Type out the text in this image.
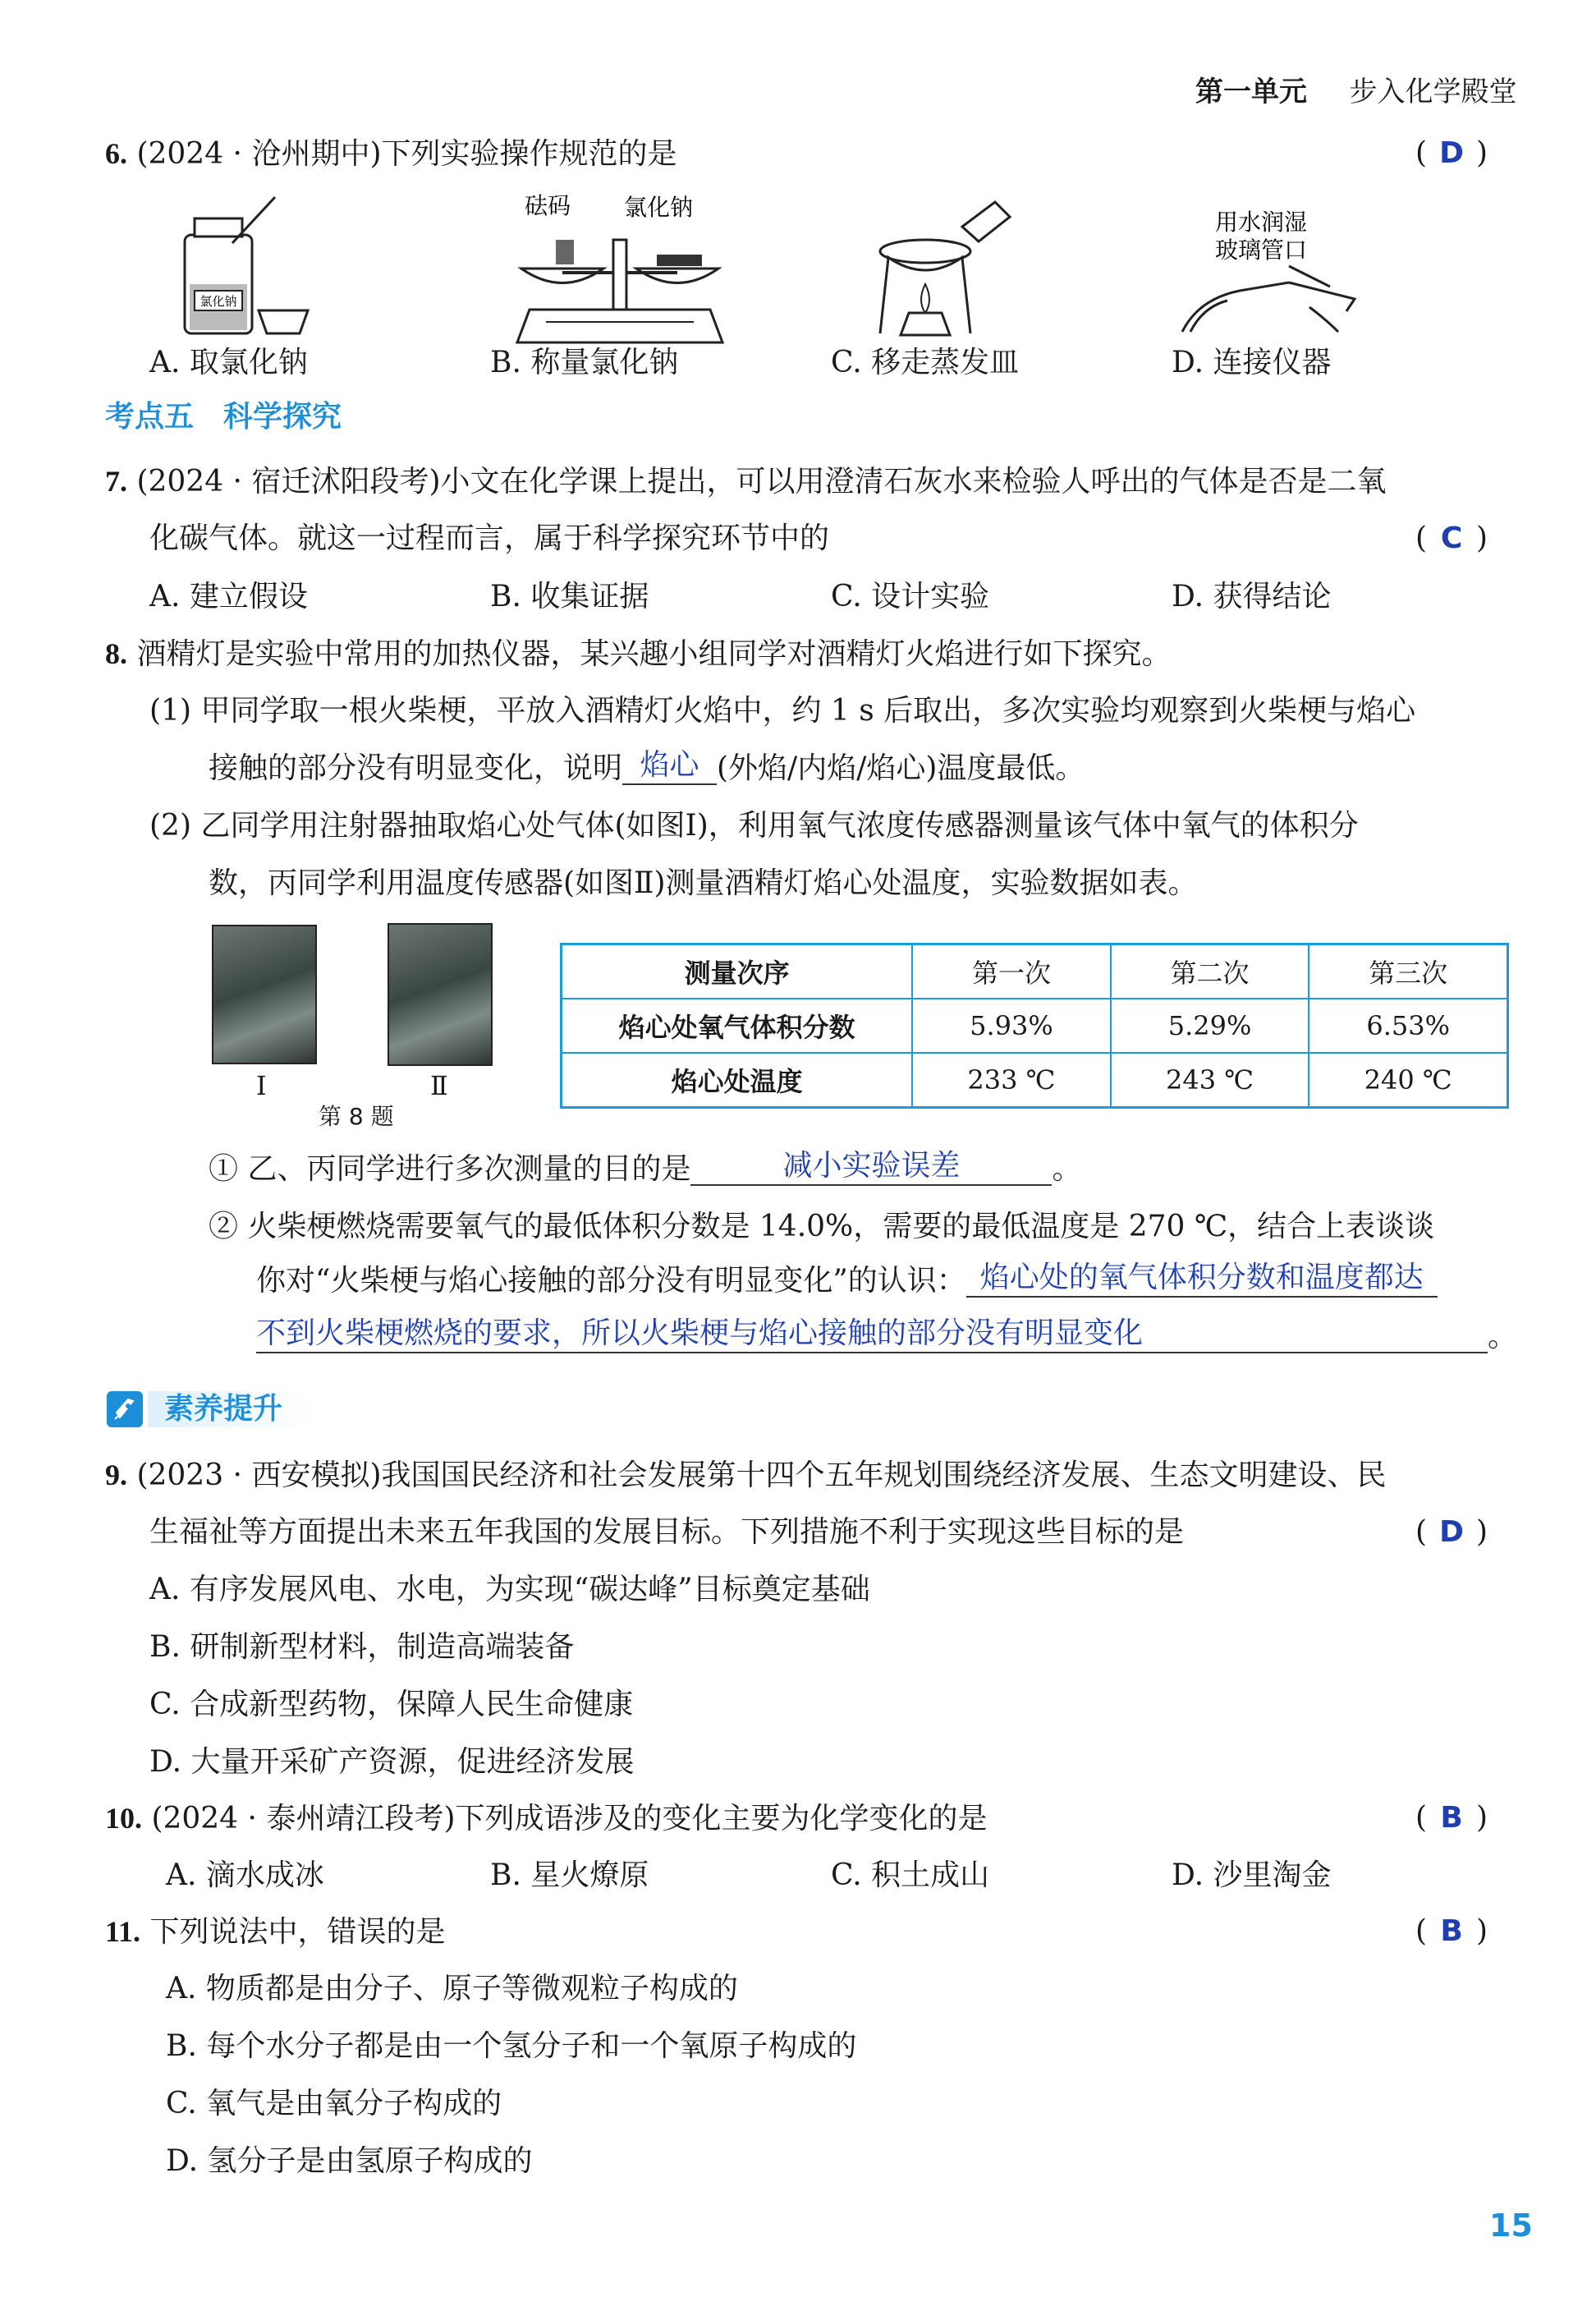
第一单元 步入化学殿堂
6. (2024 · 沧州期中)下列实验操作规范的是	( D )
氯化钠
砝码 氯化钠
用水润湿
玻璃管口
A. 取氯化钠	B. 称量氯化钠	C. 移走蒸发皿	D. 连接仪器
考点五　科学探究
7. (2024 · 宿迁沭阳段考)小文在化学课上提出，可以用澄清石灰水来检验人呼出的气体是否是二氧
化碳气体。就这一过程而言，属于科学探究环节中的	( C )
A. 建立假设	B. 收集证据	C. 设计实验	D. 获得结论
8. 酒精灯是实验中常用的加热仪器，某兴趣小组同学对酒精灯火焰进行如下探究。
(1) 甲同学取一根火柴梗，平放入酒精灯火焰中，约 1 s 后取出，多次实验均观察到火柴梗与焰心
接触的部分没有明显变化，说明 焰心 (外焰/内焰/焰心)温度最低。
(2) 乙同学用注射器抽取焰心处气体(如图Ⅰ)，利用氧气浓度传感器测量该气体中氧气的体积分
数，丙同学利用温度传感器(如图Ⅱ)测量酒精灯焰心处温度，实验数据如表。
Ⅰ	Ⅱ
第 8 题
测量次序	第一次	第二次	第三次
焰心处氧气体积分数	5.93%	5.29%	6.53%
焰心处温度	233 ℃	243 ℃	240 ℃
① 乙、丙同学进行多次测量的目的是	减小实验误差	。
② 火柴梗燃烧需要氧气的最低体积分数是 14.0%，需要的最低温度是 270 ℃，结合上表谈谈
你对“火柴梗与焰心接触的部分没有明显变化”的认识： 焰心处的氧气体积分数和温度都达
不到火柴梗燃烧的要求，所以火柴梗与焰心接触的部分没有明显变化	。
素养提升
9. (2023 · 西安模拟)我国国民经济和社会发展第十四个五年规划围绕经济发展、生态文明建设、民
生福祉等方面提出未来五年我国的发展目标。下列措施不利于实现这些目标的是	( D )
A. 有序发展风电、水电，为实现“碳达峰”目标奠定基础
B. 研制新型材料，制造高端装备
C. 合成新型药物，保障人民生命健康
D. 大量开采矿产资源，促进经济发展
10. (2024 · 泰州靖江段考)下列成语涉及的变化主要为化学变化的是	( B )
A. 滴水成冰	B. 星火燎原	C. 积土成山	D. 沙里淘金
11. 下列说法中，错误的是	( B )
A. 物质都是由分子、原子等微观粒子构成的
B. 每个水分子都是由一个氢分子和一个氧原子构成的
C. 氧气是由氧分子构成的
D. 氢分子是由氢原子构成的
15
